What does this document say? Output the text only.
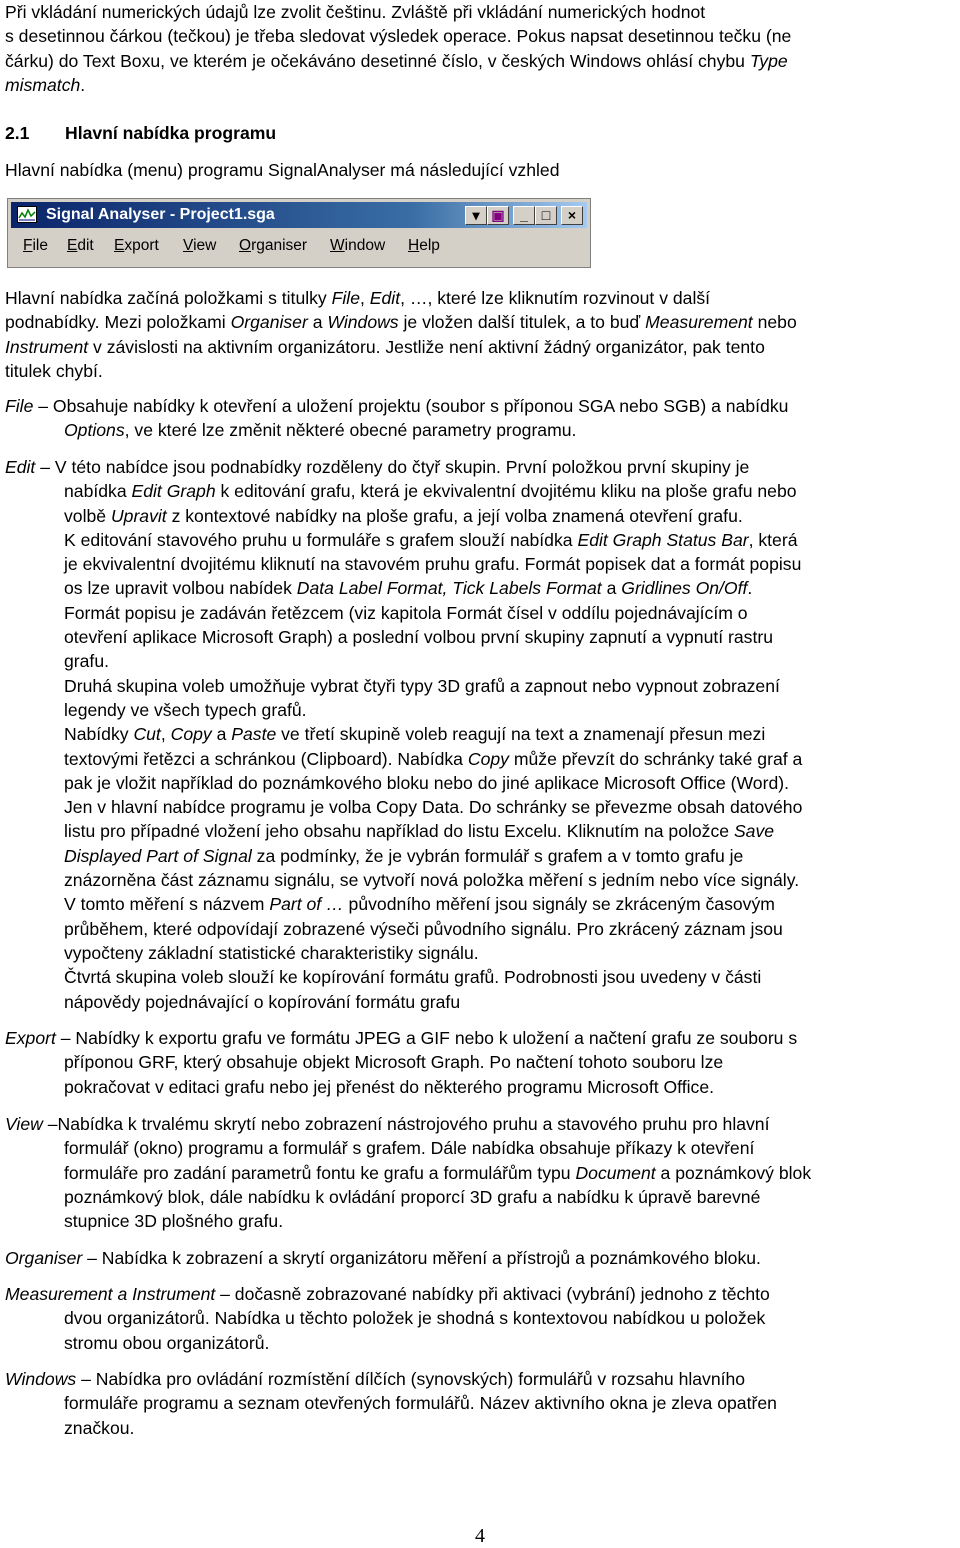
Při vkládání numerických údajů lze zvolit češtinu. Zvláště při vkládání numerických hodnot

s desetinnou čárkou (tečkou) je třeba sledovat výsledek operace. Pokus napsat desetinnou tečku (ne

čárku) do Text Boxu, ve kterém je očekáváno desetinné číslo, v českých Windows ohlásí chybu Type

mismatch.

2.1 Hlavní nabídka programu

Hlavní nabídka (menu) programu SignalAnalyser má následující vzhled

Signal Analyser - Project1.sga	▾ ▣	_ □	×
File Edit Export View Organiser Window Help

Hlavní nabídka začíná položkami s titulky File, Edit, …, které lze kliknutím rozvinout v další

podnabídky. Mezi položkami Organiser a Windows je vložen další titulek, a to buď Measurement nebo

Instrument v závislosti na aktivním organizátoru. Jestliže není aktivní žádný organizátor, pak tento

titulek chybí.

File – Obsahuje nabídky k otevření a uložení projektu (soubor s příponou SGA nebo SGB) a nabídku

Options, ve které lze změnit některé obecné parametry programu.

Edit – V této nabídce jsou podnabídky rozděleny do čtyř skupin. První položkou první skupiny je

nabídka Edit Graph k editování grafu, která je ekvivalentní dvojitému kliku na ploše grafu nebo

volbě Upravit z kontextové nabídky na ploše grafu, a její volba znamená otevření grafu.

K editování stavového pruhu u formuláře s grafem slouží nabídka Edit Graph Status Bar, která

je ekvivalentní dvojitému kliknutí na stavovém pruhu grafu. Formát popisek dat a formát popisu

os lze upravit volbou nabídek Data Label Format, Tick Labels Format a Gridlines On/Off.

Formát popisu je zadáván řetězcem (viz kapitola Formát čísel v oddílu pojednávajícím o

otevření aplikace Microsoft Graph) a poslední volbou první skupiny zapnutí a vypnutí rastru

grafu.

Druhá skupina voleb umožňuje vybrat čtyři typy 3D grafů a zapnout nebo vypnout zobrazení

legendy ve všech typech grafů.

Nabídky Cut, Copy a Paste ve třetí skupině voleb reagují na text a znamenají přesun mezi

textovými řetězci a schránkou (Clipboard). Nabídka Copy může převzít do schránky také graf a

pak je vložit například do poznámkového bloku nebo do jiné aplikace Microsoft Office (Word).

Jen v hlavní nabídce programu je volba Copy Data. Do schránky se převezme obsah datového

listu pro případné vložení jeho obsahu například do listu Excelu. Kliknutím na položce Save

Displayed Part of Signal za podmínky, že je vybrán formulář s grafem a v tomto grafu je

znázorněna část záznamu signálu, se vytvoří nová položka měření s jedním nebo více signály.

V tomto měření s názvem Part of … původního měření jsou signály se zkráceným časovým

průběhem, které odpovídají zobrazené výseči původního signálu. Pro zkrácený záznam jsou

vypočteny základní statistické charakteristiky signálu.

Čtvrtá skupina voleb slouží ke kopírování formátu grafů. Podrobnosti jsou uvedeny v části

nápovědy pojednávající o kopírování formátu grafu

Export – Nabídky k exportu grafu ve formátu JPEG a GIF nebo k uložení a načtení grafu ze souboru s

příponou GRF, který obsahuje objekt Microsoft Graph. Po načtení tohoto souboru lze

pokračovat v editaci grafu nebo jej přenést do některého programu Microsoft Office.

View –Nabídka k trvalému skrytí nebo zobrazení nástrojového pruhu a stavového pruhu pro hlavní

formulář (okno) programu a formulář s grafem. Dále nabídka obsahuje příkazy k otevření

formuláře pro zadání parametrů fontu ke grafu a formulářům typu Document a poznámkový blok

poznámkový blok, dále nabídku k ovládání proporcí 3D grafu a nabídku k úpravě barevné

stupnice 3D plošného grafu.

Organiser – Nabídka k zobrazení a skrytí organizátoru měření a přístrojů a poznámkového bloku.

Measurement a Instrument – dočasně zobrazované nabídky při aktivaci (vybrání) jednoho z těchto

dvou organizátorů. Nabídka u těchto položek je shodná s kontextovou nabídkou u položek

stromu obou organizátorů.

Windows – Nabídka pro ovládání rozmístění dílčích (synovských) formulářů v rozsahu hlavního

formuláře programu a seznam otevřených formulářů. Název aktivního okna je zleva opatřen

značkou.

4
